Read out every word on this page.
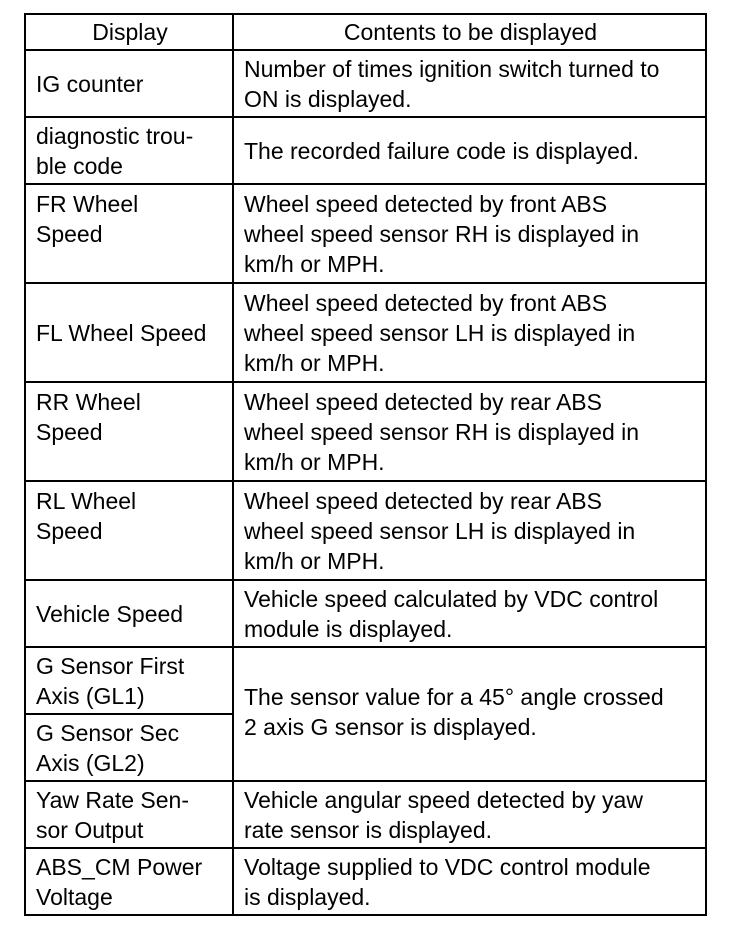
Display	Contents to be displayed
IG counter	Number of times ignition switch turned to
ON is displayed.
diagnostic trou-
ble code	The recorded failure code is displayed.
FR Wheel
Speed	Wheel speed detected by front ABS
wheel speed sensor RH is displayed in
km/h or MPH.
FL Wheel Speed	Wheel speed detected by front ABS
wheel speed sensor LH is displayed in
km/h or MPH.
RR Wheel
Speed	Wheel speed detected by rear ABS
wheel speed sensor RH is displayed in
km/h or MPH.
RL Wheel
Speed	Wheel speed detected by rear ABS
wheel speed sensor LH is displayed in
km/h or MPH.
Vehicle Speed	Vehicle speed calculated by VDC control
module is displayed.
G Sensor First
Axis (GL1)	The sensor value for a 45° angle crossed
2 axis G sensor is displayed.
G Sensor Sec
Axis (GL2)	
Yaw Rate Sen-
sor Output	Vehicle angular speed detected by yaw
rate sensor is displayed.
ABS_CM Power
Voltage	Voltage supplied to VDC control module
is displayed.
